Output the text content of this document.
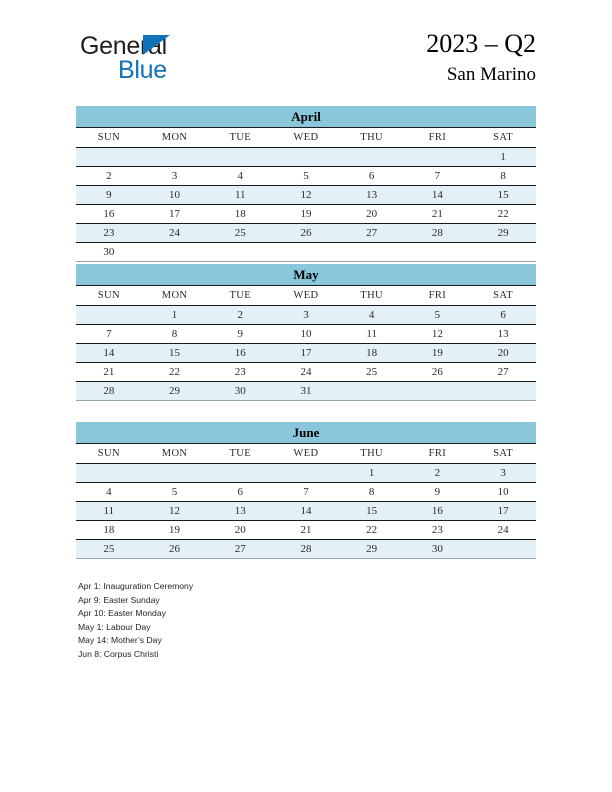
General
Blue
2023 – Q2
San Marino
April
SUN	MON	TUE	WED	THU	FRI	SAT
						1
2	3	4	5	6	7	8
9	10	11	12	13	14	15
16	17	18	19	20	21	22
23	24	25	26	27	28	29
30						
May
SUN	MON	TUE	WED	THU	FRI	SAT
	1	2	3	4	5	6
7	8	9	10	11	12	13
14	15	16	17	18	19	20
21	22	23	24	25	26	27
28	29	30	31			
June
SUN	MON	TUE	WED	THU	FRI	SAT
				1	2	3
4	5	6	7	8	9	10
11	12	13	14	15	16	17
18	19	20	21	22	23	24
25	26	27	28	29	30	
Apr 1: Inauguration Ceremony
Apr 9: Easter Sunday
Apr 10: Easter Monday
May 1: Labour Day
May 14: Mother’s Day
Jun 8: Corpus Christi
